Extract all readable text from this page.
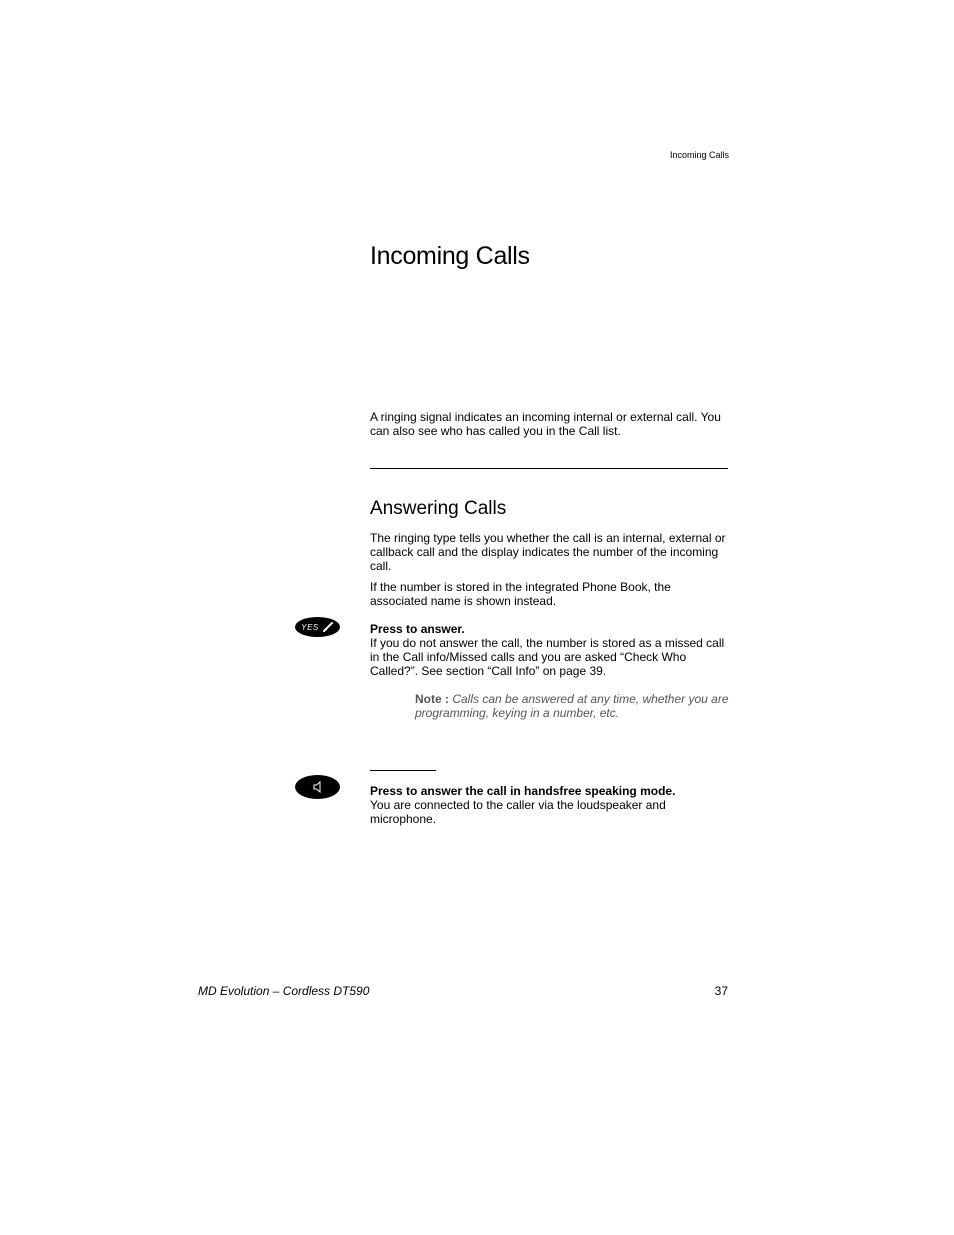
Incoming Calls
Incoming Calls
A ringing signal indicates an incoming internal or external call. You can also see who has called you in the Call list.
Answering Calls
The ringing type tells you whether the call is an internal, external or callback call and the display indicates the number of the incoming call.
If the number is stored in the integrated Phone Book, the associated name is shown instead.
YES	Press to answer.
If you do not answer the call, the number is stored as a missed call in the Call info/Missed calls and you are asked “Check Who Called?”. See section “Call Info” on page 39.
Note : Calls can be answered at any time, whether you are programming, keying in a number, etc.
Press to answer the call in handsfree speaking mode.
You are connected to the caller via the loudspeaker and microphone.
MD Evolution – Cordless DT590	37
